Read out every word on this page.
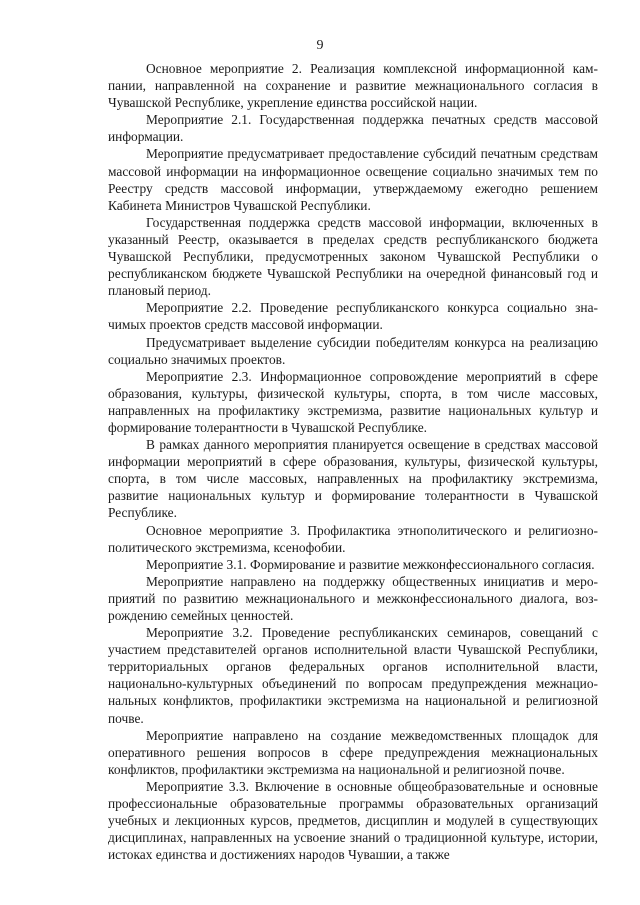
9

Основное мероприятие 2. Реализация комплексной информационной кампании, направленной на сохранение и развитие межнационального согласия в Чувашской Республике, укрепление единства российской нации.

Мероприятие 2.1. Государственная поддержка печатных средств массовой информации.

Мероприятие предусматривает предоставление субсидий печатным средствам массовой информации на информационное освещение социально значимых тем по Реестру средств массовой информации, утверждаемому ежегодно решением Кабинета Министров Чувашской Республики.

Государственная поддержка средств массовой информации, включенных в указанный Реестр, оказывается в пределах средств республиканского бюджета Чувашской Республики, предусмотренных законом Чувашской Республики о республиканском бюджете Чувашской Республики на очередной финансовый год и плановый период.

Мероприятие 2.2. Проведение республиканского конкурса социально значимых проектов средств массовой информации.

Предусматривает выделение субсидии победителям конкурса на реализацию социально значимых проектов.

Мероприятие 2.3. Информационное сопровождение мероприятий в сфере образования, культуры, физической культуры, спорта, в том числе массовых, направленных на профилактику экстремизма, развитие национальных культур и формирование толерантности в Чувашской Республике.

В рамках данного мероприятия планируется освещение в средствах массовой информации мероприятий в сфере образования, культуры, физической культуры, спорта, в том числе массовых, направленных на профилактику экстремизма, развитие национальных культур и формирование толерантности в Чувашской Республике.

Основное мероприятие 3. Профилактика этнополитического и религиозно-политического экстремизма, ксенофобии.

Мероприятие 3.1. Формирование и развитие межконфессионального согласия.

Мероприятие направлено на поддержку общественных инициатив и мероприятий по развитию межнационального и межконфессионального диалога, возрождению семейных ценностей.

Мероприятие 3.2. Проведение республиканских семинаров, совещаний с участием представителей органов исполнительной власти Чувашской Республики, территориальных органов федеральных органов исполнительной власти, национально-культурных объединений по вопросам предупреждения межнациональных конфликтов, профилактики экстремизма на национальной и религиозной почве.

Мероприятие направлено на создание межведомственных площадок для оперативного решения вопросов в сфере предупреждения межнациональных конфликтов, профилактики экстремизма на национальной и религиозной почве.

Мероприятие 3.3. Включение в основные общеобразовательные и основные профессиональные образовательные программы образовательных организаций учебных и лекционных курсов, предметов, дисциплин и модулей в существующих дисциплинах, направленных на усвоение знаний о традиционной культуре, истории, истоках единства и достижениях народов Чувашии, а также
